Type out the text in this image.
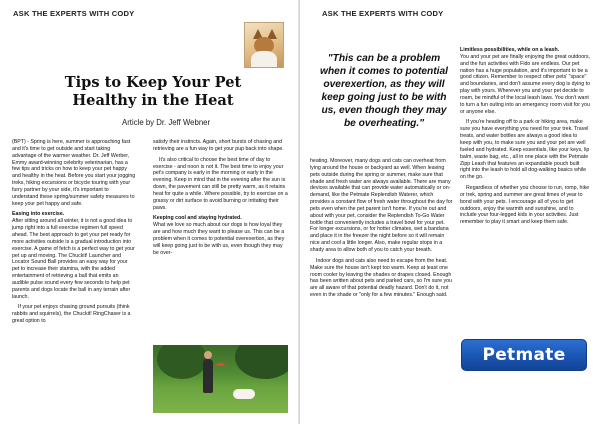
ASK THE EXPERTS WITH CODY
Tips to Keep Your Pet Healthy in the Heat
Article by Dr. Jeff Webner

(BPT) - Spring is here, summer is approaching fast and it's time to get outside and start taking advantage of the warmer weather. Dr. Jeff Werber, Emmy award-winning celebrity veterinarian, has a few tips and tricks on how to keep your pet happy and healthy in the heat. Before you start your jogging treks, hiking excursions or bicycle touring with your furry partner by your side, it's important to understand these spring/summer safety measures to keep your pet happy and safe.

Easing into exercise.

After sitting around all winter, it is not a good idea to jump right into a full exercise regimen full speed ahead. The best approach to get your pet ready for more activities outside is a gradual introduction into exercise. A game of fetch is a perfect way to get your pet up and moving. The Chuckit! Launcher and Locator Sound Ball provides an easy way for your pet to increase their stamina, with the added entertainment of retrieving a ball that emits an audible pulse sound every few seconds to help pet parents and dogs locate the ball in any terrain after launch.

If your pet enjoys chasing ground pursuits (think rabbits and squirrels), the Chuckit! RingChaser is a great option to

satisfy their instincts. Again, short bursts of chasing and retrieving are a fun way to get your pup back into shape.

It's also critical to choose the best time of day to exercise - and noon is not it. The best time to enjoy your pet's company is early in the morning or early in the evening. Keep in mind that in the evening after the sun is down, the pavement can still be pretty warm, as it retains heat for quite a while. Where possible, try to exercise on a grassy or dirt surface to avoid burning or irritating their paws.

Keeping cool and staying hydrated.

What we love so much about our dogs is how loyal they are and how much they want to please us. This can be a problem when it comes to potential overexertion, as they will keep going just to be with us, even though they may be over-

ASK THE EXPERTS WITH CODY
"This can be a problem when it comes to potential overexertion, as they will keep going just to be with us, even though they may be overheating."

heating. Moreover, many dogs and cats can overheat from lying around the house or backyard as well. When leaving pets outside during the spring or summer, make sure that shade and fresh water are always available. There are many devices available that can provide water automatically or on-demand, like the Petmate Replendish Waterer, which provides a constant flow of fresh water throughout the day for pets even when the pet parent isn't home. If you're out and about with your pet, consider the Replendish To-Go Water bottle that conveniently includes a travel bowl for your pet. For longer excursions, or for hotter climates, wet a bandana and place it in the freezer the night before so it will remain nice and cool a little longer. Also, make regular stops in a shady area to allow both of you to catch your breath.

Indoor dogs and cats also need to escape from the heat. Make sure the house isn't kept too warm. Keep at least one room cooler by leaving the shades or drapes closed. Enough has been written about pets and parked cars, so I'm sure you are all aware of that potential deadly hazard. Don't do it, not even in the shade or "only for a few minutes." Enough said.

Limitless possibilities, while on a leash.

You and your pet are finally enjoying the great outdoors, and the fun activities with Fido are endless. Our pet nation has a huge population, and it's important to be a good citizen. Remember to respect other pets' "space" and boundaries, and don't assume every dog is dying to play with yours. Wherever you and your pet decide to roam, be mindful of the local leash laws. You don't want to turn a fun outing into an emergency room visit for you or anyone else.

If you're heading off to a park or hiking area, make sure you have everything you need for your trek. Travel treats, and water bottles are always a good idea to keep with you, to make sure you and your pet are well fueled and hydrated. Keep essentials, like your keys, lip balm, waste bag, etc., all in one place with the Petmate Zipp Leash that features an expandable pouch built right into the leash to hold all dog-walking basics while on the go.

Regardless of whether you choose to run, romp, hike or trek, spring and summer are great times of year to bond with your pets. I encourage all of you to get outdoors, enjoy the warmth and sunshine, and to include your four-legged kids in your activities. Just remember to play it smart and keep them safe.

Petmate
